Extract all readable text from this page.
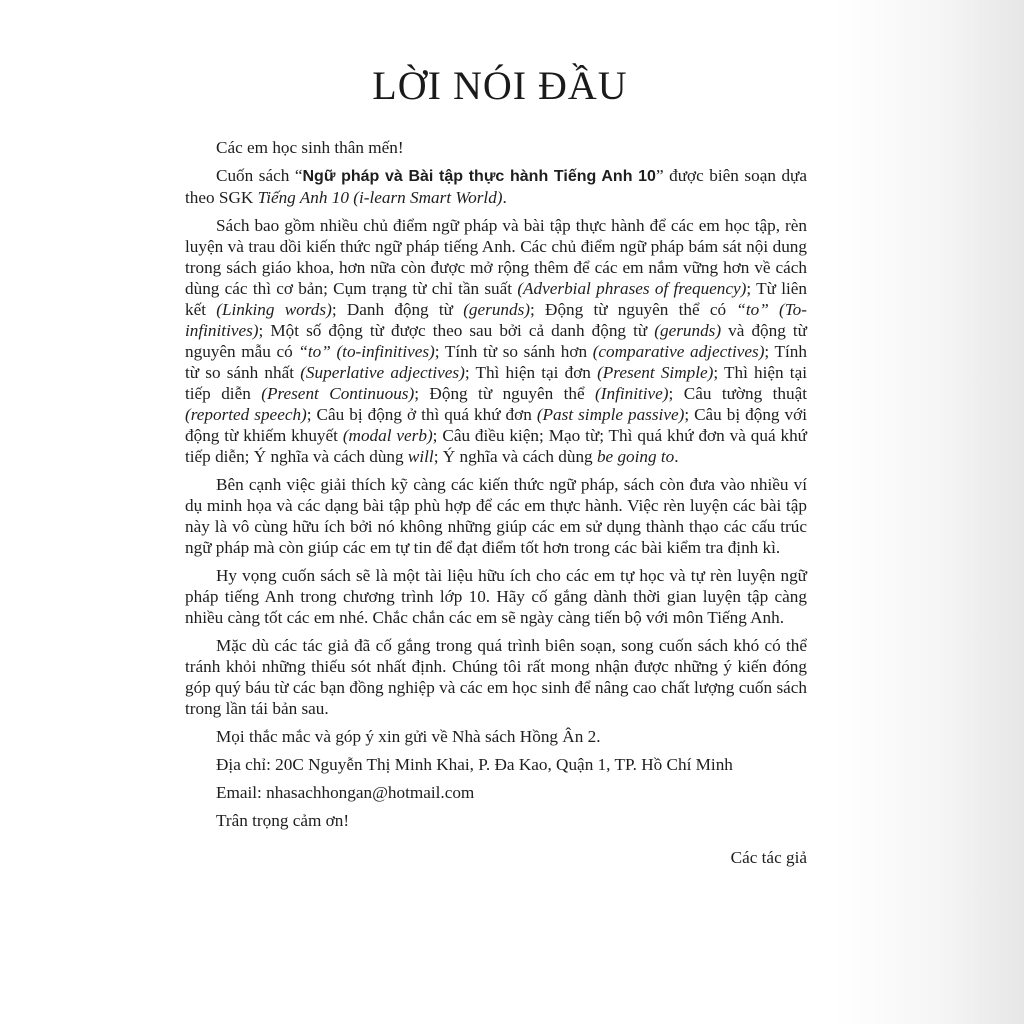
LỜI NÓI ĐẦU

Các em học sinh thân mến!

Cuốn sách “Ngữ pháp và Bài tập thực hành Tiếng Anh 10” được biên soạn dựa theo SGK Tiếng Anh 10 (i-learn Smart World).

Sách bao gồm nhiều chủ điểm ngữ pháp và bài tập thực hành để các em học tập, rèn luyện và trau dồi kiến thức ngữ pháp tiếng Anh. Các chủ điểm ngữ pháp bám sát nội dung trong sách giáo khoa, hơn nữa còn được mở rộng thêm để các em nắm vững hơn về cách dùng các thì cơ bản; Cụm trạng từ chỉ tần suất (Adverbial phrases of frequency); Từ liên kết (Linking words); Danh động từ (gerunds); Động từ nguyên thể có “to” (To-infinitives); Một số động từ được theo sau bởi cả danh động từ (gerunds) và động từ nguyên mẫu có “to” (to-infinitives); Tính từ so sánh hơn (comparative adjectives); Tính từ so sánh nhất (Superlative adjectives); Thì hiện tại đơn (Present Simple); Thì hiện tại tiếp diễn (Present Continuous); Động từ nguyên thể (Infinitive); Câu tường thuật (reported speech); Câu bị động ở thì quá khứ đơn (Past simple passive); Câu bị động với động từ khiếm khuyết (modal verb); Câu điều kiện; Mạo từ; Thì quá khứ đơn và quá khứ tiếp diễn; Ý nghĩa và cách dùng will; Ý nghĩa và cách dùng be going to.

Bên cạnh việc giải thích kỹ càng các kiến thức ngữ pháp, sách còn đưa vào nhiều ví dụ minh họa và các dạng bài tập phù hợp để các em thực hành. Việc rèn luyện các bài tập này là vô cùng hữu ích bởi nó không những giúp các em sử dụng thành thạo các cấu trúc ngữ pháp mà còn giúp các em tự tin để đạt điểm tốt hơn trong các bài kiểm tra định kì.

Hy vọng cuốn sách sẽ là một tài liệu hữu ích cho các em tự học và tự rèn luyện ngữ pháp tiếng Anh trong chương trình lớp 10. Hãy cố gắng dành thời gian luyện tập càng nhiều càng tốt các em nhé. Chắc chắn các em sẽ ngày càng tiến bộ với môn Tiếng Anh.

Mặc dù các tác giả đã cố gắng trong quá trình biên soạn, song cuốn sách khó có thể tránh khỏi những thiếu sót nhất định. Chúng tôi rất mong nhận được những ý kiến đóng góp quý báu từ các bạn đồng nghiệp và các em học sinh để nâng cao chất lượng cuốn sách trong lần tái bản sau.

Mọi thắc mắc và góp ý xin gửi về Nhà sách Hồng Ân 2.

Địa chỉ: 20C Nguyễn Thị Minh Khai, P. Đa Kao, Quận 1, TP. Hồ Chí Minh

Email: nhasachhongan@hotmail.com

Trân trọng cảm ơn!

Các tác giả
